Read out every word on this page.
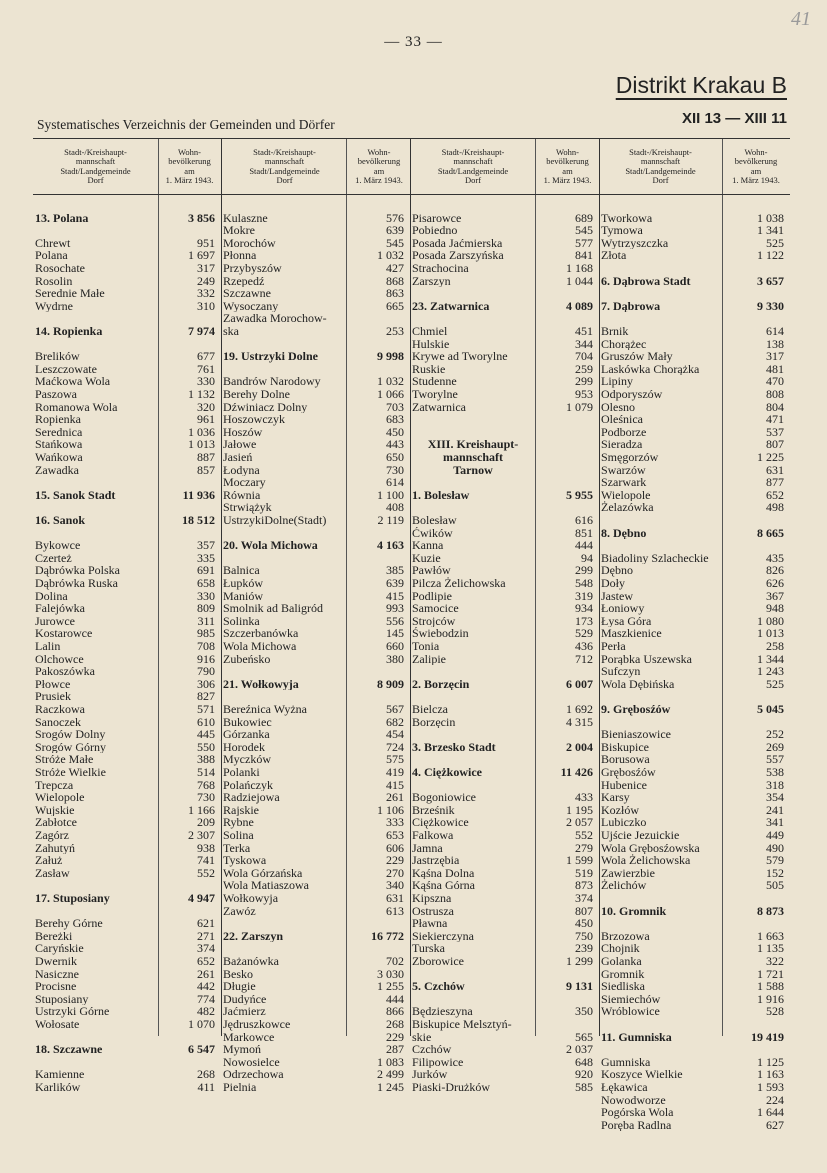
— 33 —
41
Distrikt Krakau B
Systematisches Verzeichnis der Gemeinden und Dörfer	XII 13 — XIII 11
Stadt-/Kreishaupt-
mannschaft
Stadt/Landgemeinde
Dorf
Wohn-
bevölkerung
am
1. März 1943.
13. Polana	3 856
Chrewt	951
Polana	1 697
Rosochate	317
Rosolin	249
Serednie Małe	332
Wydrne	310
14. Ropienka	7 974
Brelików	677
Leszczowate	761
Maćkowa Wola	330
Paszowa	1 132
Romanowa Wola	320
Ropienka	961
Serednica	1 036
Stańkowa	1 013
Wańkowa	887
Zawadka	857
15. Sanok Stadt	11 936
16. Sanok	18 512
Bykowce	357
Czerteż	335
Dąbrówka Polska	691
Dąbrówka Ruska	658
Dolina	330
Falejówka	809
Jurowce	311
Kostarowce	985
Lalin	708
Olchowce	916
Pakoszówka	790
Płowce	306
Prusiek	827
Raczkowa	571
Sanoczek	610
Srogów Dolny	445
Srogów Górny	550
Stróże Małe	388
Stróże Wielkie	514
Trepcza	768
Wielopole	730
Wujskie	1 166
Zabłotce	209
Zagórz	2 307
Zahutyń	938
Załuż	741
Zasław	552
17. Stuposiany	4 947
Berehy Górne	621
Bereżki	271
Caryńskie	374
Dwernik	652
Nasiczne	261
Procisne	442
Stuposiany	774
Ustrzyki Górne	482
Wołosate	1 070
18. Szczawne	6 547
Kamienne	268
Karlików	411
Stadt-/Kreishaupt-
mannschaft
Stadt/Landgemeinde
Dorf
Wohn-
bevölkerung
am
1. März 1943.
Kulaszne	576
Mokre	639
Morochów	545
Płonna	1 032
Przybyszów	427
Rzepedź	868
Szczawne	863
Wysoczany	665
Zawadka Morochow-
ska	253
19. Ustrzyki Dolne	9 998
Bandrów Narodowy	1 032
Berehy Dolne	1 066
Dźwiniacz Dolny	703
Hoszowczyk	683
Hoszów	450
Jałowe	443
Jasień	650
Łodyna	730
Moczary	614
Równia	1 100
Strwiążyk	408
UstrzykiDolne(Stadt)	2 119
20. Wola Michowa	4 163
Balnica	385
Łupków	639
Maniów	415
Smolnik ad Baligród	993
Solinka	556
Szczerbanówka	145
Wola Michowa	660
Zubeńsko	380
21. Wołkowyja	8 909
Bereźnica Wyżna	567
Bukowiec	682
Górzanka	454
Horodek	724
Myczków	575
Polanki	419
Polańczyk	415
Radziejowa	261
Rajskie	1 106
Rybne	333
Solina	653
Terka	606
Tyskowa	229
Wola Górzańska	270
Wola Matiaszowa	340
Wołkowyja	631
Zawóz	613
22. Zarszyn	16 772
Bażanówka	702
Besko	3 030
Długie	1 255
Dudyńce	444
Jaćmierz	866
Jędruszkowce	268
Markowce	229
Mymoń	287
Nowosielce	1 083
Odrzechowa	2 499
Pielnia	1 245
Stadt-/Kreishaupt-
mannschaft
Stadt/Landgemeinde
Dorf
Wohn-
bevölkerung
am
1. März 1943.
Pisarowce	689
Pobiedno	545
Posada Jaćmierska	577
Posada Zarszyńska	841
Strachocina	1 168
Zarszyn	1 044
23. Zatwarnica	4 089
Chmiel	451
Hulskie	344
Krywe ad Tworylne	704
Ruskie	259
Studenne	299
Tworylne	953
Zatwarnica	1 079
XIII. Kreishaupt-
mannschaft
Tarnow
1. Bolesław	5 955
Bolesław	616
Ćwików	851
Kanna	444
Kuzie	94
Pawłów	299
Pilcza Żelichowska	548
Podlipie	319
Samocice	934
Strojców	173
Świebodzin	529
Tonia	436
Zalipie	712
2. Borzęcin	6 007
Bielcza	1 692
Borzęcin	4 315
3. Brzesko Stadt	2 004
4. Ciężkowice	11 426
Bogoniowice	433
Brześnik	1 195
Ciężkowice	2 057
Falkowa	552
Jamna	279
Jastrzębia	1 599
Kąśna Dolna	519
Kąśna Górna	873
Kipszna	374
Ostrusza	807
Pławna	450
Siekierczyna	750
Turska	239
Zborowice	1 299
5. Czchów	9 131
Będzieszyna	350
Biskupice Melsztyń-
skie	565
Czchów	2 037
Filipowice	648
Jurków	920
Piaski-Drużków	585
Stadt-/Kreishaupt-
mannschaft
Stadt/Landgemeinde
Dorf
Wohn-
bevölkerung
am
1. März 1943.
Tworkowa	1 038
Tymowa	1 341
Wytrzyszczka	525
Złota	1 122
6. Dąbrowa Stadt	3 657
7. Dąbrowa	9 330
Brnik	614
Chorążec	138
Gruszów Mały	317
Laskówka Chorążka	481
Lipiny	470
Odporyszów	808
Olesno	804
Oleśnica	471
Podborze	537
Sieradza	807
Smęgorzów	1 225
Swarzów	631
Szarwark	877
Wielopole	652
Żelazówka	498
8. Dębno	8 665
Biadoliny Szlacheckie	435
Dębno	826
Doły	626
Jastew	367
Łoniowy	948
Łysa Góra	1 080
Maszkienice	1 013
Perła	258
Porąbka Uszewska	1 344
Sufczyn	1 243
Wola Dębińska	525
9. Grębosźów	5 045
Bieniaszowice	252
Biskupice	269
Borusowa	557
Grębosźów	538
Hubenice	318
Karsy	354
Kozłów	241
Lubiczko	341
Ujście Jezuickie	449
Wola Grębosźowska	490
Wola Żelichowska	579
Zawierzbie	152
Żelichów	505
10. Gromnik	8 873
Brzozowa	1 663
Chojnik	1 135
Golanka	322
Gromnik	1 721
Siedliska	1 588
Siemiechów	1 916
Wróblowice	528
11. Gumniska	19 419
Gumniska	1 125
Koszyce Wielkie	1 163
Łękawica	1 593
Nowodworze	224
Pogórska Wola	1 644
Poręba Radlna	627
